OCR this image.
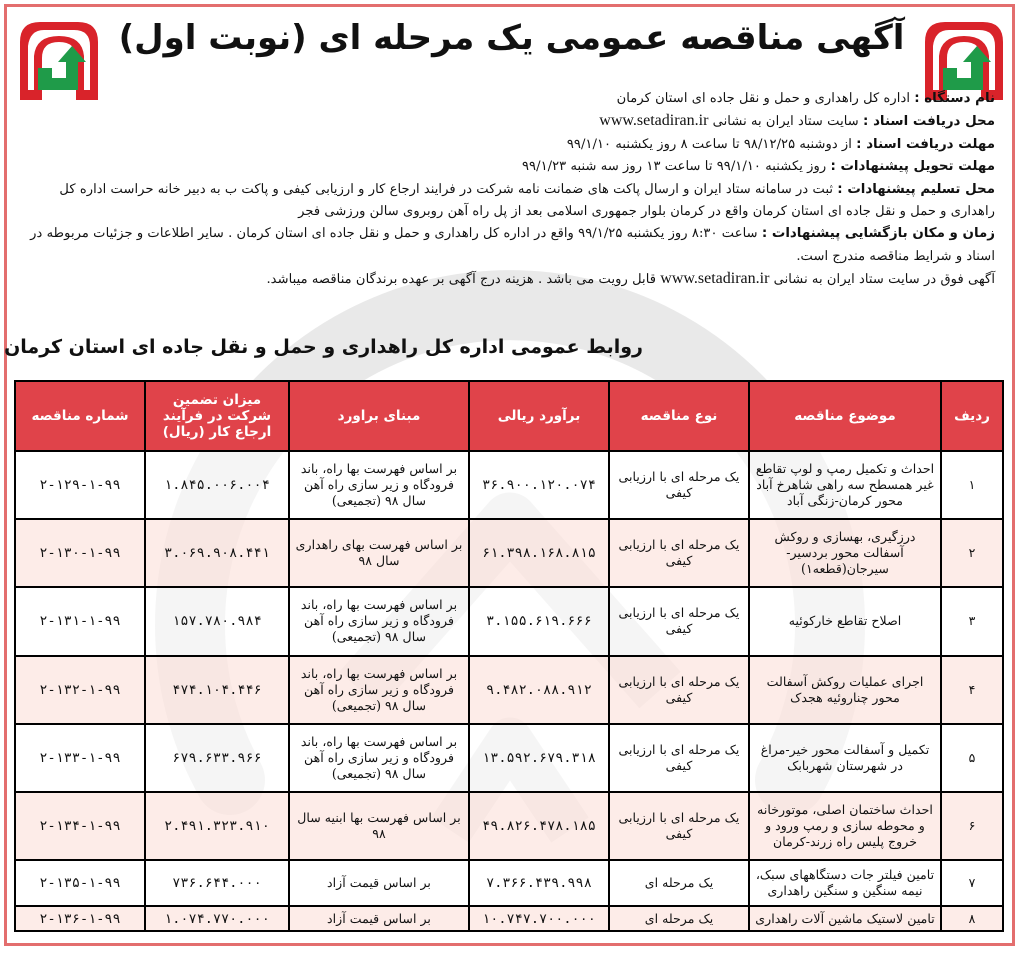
آگهی مناقصه عمومی یک مرحله ای (نوبت اول)

نام دستگاه : اداره کل راهداری و حمل و نقل جاده ای استان کرمان

محل دریافت اسناد : سایت ستاد ایران به نشانی www.setadiran.ir

مهلت دریافت اسناد : از دوشنبه ۹۸/۱۲/۲۵ تا ساعت ۸ روز یکشنبه ۹۹/۱/۱۰

مهلت تحویل پیشنهادات : روز یکشنبه ۹۹/۱/۱۰ تا ساعت ۱۳ روز سه شنبه ۹۹/۱/۲۳

محل تسلیم پیشنهادات : ثبت در سامانه ستاد ایران و ارسال پاکت های ضمانت نامه شرکت در فرایند ارجاع کار و ارزیابی کیفی و پاکت ب به دبیر خانه حراست اداره کل راهداری و حمل و نقل جاده ای استان کرمان واقع در کرمان بلوار جمهوری اسلامی بعد از پل راه آهن روبروی سالن ورزشی فجر

زمان و مکان بازگشایی پیشنهادات : ساعت ۸:۳۰ روز یکشنبه ۹۹/۱/۲۵ واقع در اداره کل راهداری و حمل و نقل جاده ای استان کرمان . سایر اطلاعات و جزئیات مربوطه در اسناد و شرایط مناقصه مندرج است.

آگهی فوق در سایت ستاد ایران به نشانی www.setadiran.ir قابل رویت می باشد . هزینه درج آگهی بر عهده برندگان مناقصه میباشد.

روابط عمومی اداره کل راهداری و حمل و نقل جاده ای استان کرمان
ردیف	موضوع مناقصه	نوع مناقصه	برآورد ریالی	مبنای براورد	میزان تضمین شرکت در فرآیند ارجاع کار (ریال)	شماره مناقصه
۱	احداث و تکمیل رمپ و لوپ تقاطع غیر همسطح سه راهی شاهرخ آباد محور کرمان-زنگی آباد	یک مرحله ای با ارزیابی کیفی	۳۶.۹۰۰.۱۲۰.۰۷۴	بر اساس فهرست بها راه، باند فرودگاه و زیر سازی راه آهن سال ۹۸ (تجمیعی)	۱.۸۴۵.۰۰۶.۰۰۴	۲-۱۲۹-۱-۹۹
۲	درزگیری، بهسازی و روکش آسفالت محور بردسیر-سیرجان(قطعه۱)	یک مرحله ای با ارزیابی کیفی	۶۱.۳۹۸.۱۶۸.۸۱۵	بر اساس فهرست بهای راهداری سال ۹۸	۳.۰۶۹.۹۰۸.۴۴۱	۲-۱۳۰-۱-۹۹
۳	اصلاح تقاطع خارکوئیه	یک مرحله ای با ارزیابی کیفی	۳.۱۵۵.۶۱۹.۶۶۶	بر اساس فهرست بها راه، باند فرودگاه و زیر سازی راه آهن سال ۹۸ (تجمیعی)	۱۵۷.۷۸۰.۹۸۴	۲-۱۳۱-۱-۹۹
۴	اجرای عملیات روکش آسفالت محور چناروئیه هجدک	یک مرحله ای با ارزیابی کیفی	۹.۴۸۲.۰۸۸.۹۱۲	بر اساس فهرست بها راه، باند فرودگاه و زیر سازی راه آهن سال ۹۸ (تجمیعی)	۴۷۴.۱۰۴.۴۴۶	۲-۱۳۲-۱-۹۹
۵	تکمیل و آسفالت محور خیر-مراغ در شهرستان شهربابک	یک مرحله ای با ارزیابی کیفی	۱۳.۵۹۲.۶۷۹.۳۱۸	بر اساس فهرست بها راه، باند فرودگاه و زیر سازی راه آهن سال ۹۸ (تجمیعی)	۶۷۹.۶۳۳.۹۶۶	۲-۱۳۳-۱-۹۹
۶	احداث ساختمان اصلی، موتورخانه و محوطه سازی و رمپ ورود و خروج پلیس راه زرند-کرمان	یک مرحله ای با ارزیابی کیفی	۴۹.۸۲۶.۴۷۸.۱۸۵	بر اساس فهرست بها ابنیه سال ۹۸	۲.۴۹۱.۳۲۳.۹۱۰	۲-۱۳۴-۱-۹۹
۷	تامین فیلتر جات دستگاههای سبک، نیمه سنگین و سنگین راهداری	یک مرحله ای	۷.۳۶۶.۴۳۹.۹۹۸	بر اساس قیمت آزاد	۷۳۶.۶۴۴.۰۰۰	۲-۱۳۵-۱-۹۹
۸	تامین لاستیک ماشین آلات راهداری	یک مرحله ای	۱۰.۷۴۷.۷۰۰.۰۰۰	بر اساس قیمت آزاد	۱.۰۷۴.۷۷۰.۰۰۰	۲-۱۳۶-۱-۹۹
